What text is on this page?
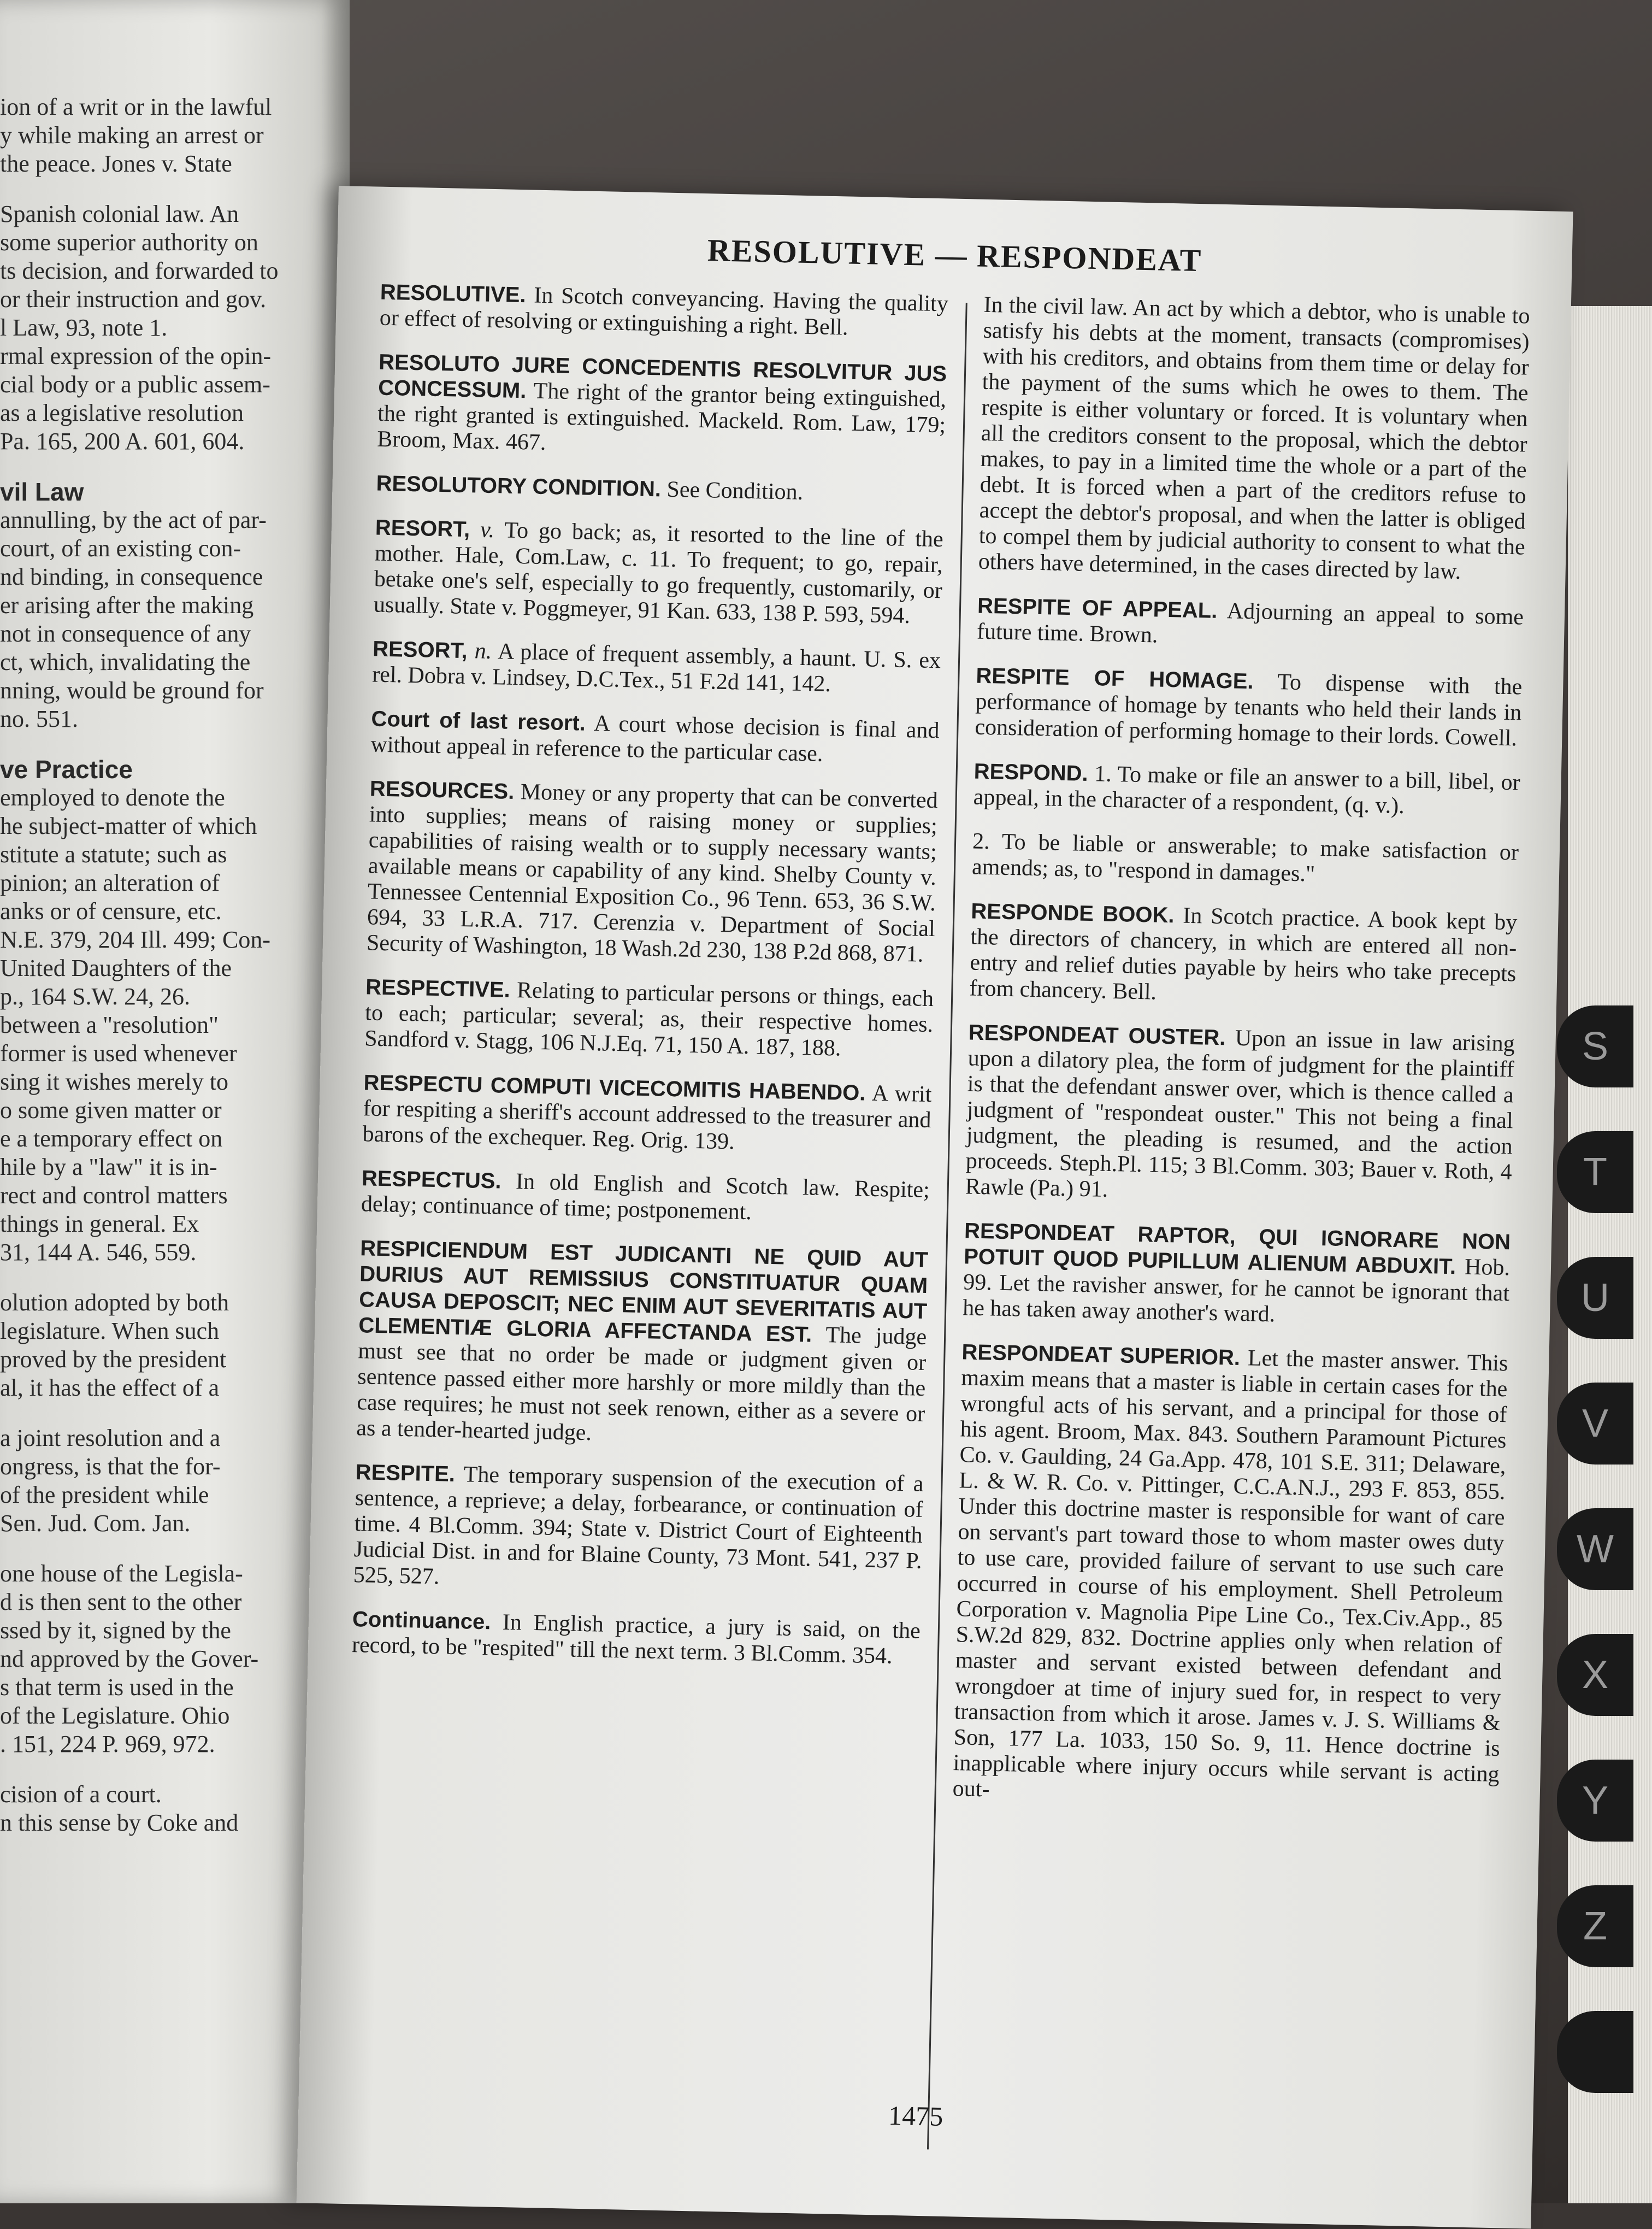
ion of a writ or in the lawful

y while making an arrest or

the peace. Jones v. State

Spanish colonial law. An

some superior authority on

ts decision, and forwarded to

or their instruction and gov.

l Law, 93, note 1.

rmal expression of the opin-

cial body or a public assem-

as a legislative resolution

Pa. 165, 200 A. 601, 604.

vil Law

annulling, by the act of par-

court, of an existing con-

nd binding, in consequence

er arising after the making

not in consequence of any

ct, which, invalidating the

nning, would be ground for

no. 551.

ve Practice

employed to denote the

he subject-matter of which

stitute a statute; such as

pinion; an alteration of

anks or of censure, etc.

N.E. 379, 204 Ill. 499; Con-

United Daughters of the

p., 164 S.W. 24, 26.

between a "resolution"

former is used whenever

sing it wishes merely to

o some given matter or

e a temporary effect on

hile by a "law" it is in-

rect and control matters

things in general. Ex

31, 144 A. 546, 559.

olution adopted by both

legislature. When such

proved by the president

al, it has the effect of a

a joint resolution and a

ongress, is that the for-

of the president while

Sen. Jud. Com. Jan.

one house of the Legisla-

d is then sent to the other

ssed by it, signed by the

nd approved by the Gover-

s that term is used in the

of the Legislature. Ohio

. 151, 224 P. 969, 972.

cision of a court.

n this sense by Coke and

RESOLUTIVE — RESPONDEAT
RESOLUTIVE. In Scotch conveyancing. Having the quality or effect of resolving or extinguishing a right. Bell.
RESOLUTO JURE CONCEDENTIS RESOLVITUR JUS CONCESSUM. The right of the grantor being extinguished, the right granted is extinguished. Mackeld. Rom. Law, 179; Broom, Max. 467.
RESOLUTORY CONDITION. See Condition.
RESORT, v. To go back; as, it resorted to the line of the mother. Hale, Com.Law, c. 11. To frequent; to go, repair, betake one's self, especially to go frequently, customarily, or usually. State v. Poggmeyer, 91 Kan. 633, 138 P. 593, 594.
RESORT, n. A place of frequent assembly, a haunt. U. S. ex rel. Dobra v. Lindsey, D.C.Tex., 51 F.2d 141, 142.
Court of last resort. A court whose decision is final and without appeal in reference to the particular case.
RESOURCES. Money or any property that can be converted into supplies; means of raising money or supplies; capabilities of raising wealth or to supply necessary wants; available means or capability of any kind. Shelby County v. Tennessee Centennial Exposition Co., 96 Tenn. 653, 36 S.W. 694, 33 L.R.A. 717. Cerenzia v. Department of Social Security of Washington, 18 Wash.2d 230, 138 P.2d 868, 871.
RESPECTIVE. Relating to particular persons or things, each to each; particular; several; as, their respective homes. Sandford v. Stagg, 106 N.J.Eq. 71, 150 A. 187, 188.
RESPECTU COMPUTI VICECOMITIS HABENDO. A writ for respiting a sheriff's account addressed to the treasurer and barons of the exchequer. Reg. Orig. 139.
RESPECTUS. In old English and Scotch law. Respite; delay; continuance of time; postponement.
RESPICIENDUM EST JUDICANTI NE QUID AUT DURIUS AUT REMISSIUS CONSTITUATUR QUAM CAUSA DEPOSCIT; NEC ENIM AUT SEVERITATIS AUT CLEMENTIÆ GLORIA AFFECTANDA EST. The judge must see that no order be made or judgment given or sentence passed either more harshly or more mildly than the case requires; he must not seek renown, either as a severe or as a tender-hearted judge.
RESPITE. The temporary suspension of the execution of a sentence, a reprieve; a delay, forbearance, or continuation of time. 4 Bl.Comm. 394; State v. District Court of Eighteenth Judicial Dist. in and for Blaine County, 73 Mont. 541, 237 P. 525, 527.
Continuance. In English practice, a jury is said, on the record, to be "respited" till the next term. 3 Bl.Comm. 354.
In the civil law. An act by which a debtor, who is unable to satisfy his debts at the moment, transacts (compromises) with his creditors, and obtains from them time or delay for the payment of the sums which he owes to them. The respite is either voluntary or forced. It is voluntary when all the creditors consent to the proposal, which the debtor makes, to pay in a limited time the whole or a part of the debt. It is forced when a part of the creditors refuse to accept the debtor's proposal, and when the latter is obliged to compel them by judicial authority to consent to what the others have determined, in the cases directed by law.
RESPITE OF APPEAL. Adjourning an appeal to some future time. Brown.
RESPITE OF HOMAGE. To dispense with the performance of homage by tenants who held their lands in consideration of performing homage to their lords. Cowell.
RESPOND. 1. To make or file an answer to a bill, libel, or appeal, in the character of a respondent, (q. v.).
2. To be liable or answerable; to make satisfaction or amends; as, to "respond in damages."
RESPONDE BOOK. In Scotch practice. A book kept by the directors of chancery, in which are entered all non-entry and relief duties payable by heirs who take precepts from chancery. Bell.
RESPONDEAT OUSTER. Upon an issue in law arising upon a dilatory plea, the form of judgment for the plaintiff is that the defendant answer over, which is thence called a judgment of "respondeat ouster." This not being a final judgment, the pleading is resumed, and the action proceeds. Steph.Pl. 115; 3 Bl.Comm. 303; Bauer v. Roth, 4 Rawle (Pa.) 91.
RESPONDEAT RAPTOR, QUI IGNORARE NON POTUIT QUOD PUPILLUM ALIENUM ABDUXIT. Hob. 99. Let the ravisher answer, for he cannot be ignorant that he has taken away another's ward.
RESPONDEAT SUPERIOR. Let the master answer. This maxim means that a master is liable in certain cases for the wrongful acts of his servant, and a principal for those of his agent. Broom, Max. 843. Southern Paramount Pictures Co. v. Gaulding, 24 Ga.App. 478, 101 S.E. 311; Delaware, L. & W. R. Co. v. Pittinger, C.C.A.N.J., 293 F. 853, 855. Under this doctrine master is responsible for want of care on servant's part toward those to whom master owes duty to use care, provided failure of servant to use such care occurred in course of his employment. Shell Petroleum Corporation v. Magnolia Pipe Line Co., Tex.Civ.App., 85 S.W.2d 829, 832. Doctrine applies only when relation of master and servant existed between defendant and wrongdoer at time of injury sued for, in respect to very transaction from which it arose. James v. J. S. Williams & Son, 177 La. 1033, 150 So. 9, 11. Hence doctrine is inapplicable where injury occurs while servant is acting out-
1475
S
T
U
V
W
X
Y
Z
